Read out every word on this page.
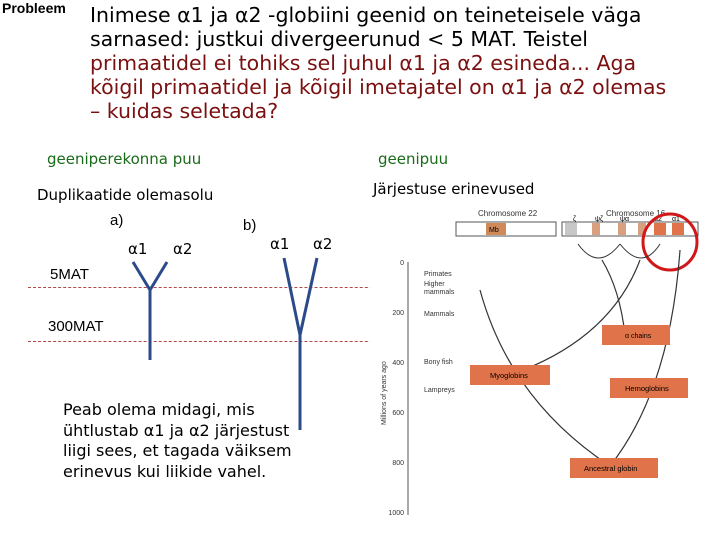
Probleem Inimese α1 ja α2 -globiini geenid on teineteisele väga
sarnased: justkui divergeerunud < 5 MAT. Teistel
primaatidel ei tohiks sel juhul α1 ja α2 esineda... Aga
kõigil primaatidel ja kõigil imetajatel on α1 ja α2 olemas
– kuidas seletada?
geeniperekonna puu	geenipuu
Duplikaatide olemasolu	Järjestuse erinevused
a)	b)
α1 α2	α1 α2
5MAT
300MAT
Peab olema midagi, mis
ühtlustab α1 ja α2 järjestust
liigi sees, et tagada väiksem
erinevus kui liikide vahel.
Chromosome 22
Mb
Chromosome 16
ζ	ψζ ψα	α2 α1
0
200
400
600
800
1000
Millions of years ago
Primates
Higher
mammals
Mammals
Bony fish
Lampreys
α chains
Myoglobins
Hemoglobins
Ancestral globin
